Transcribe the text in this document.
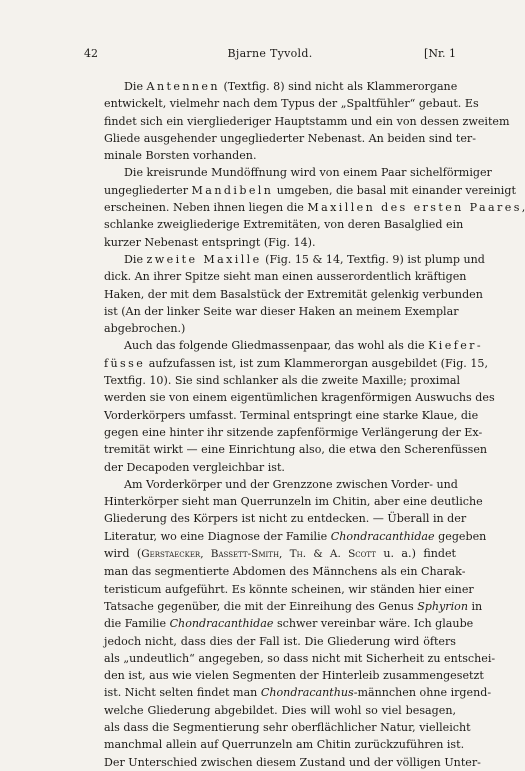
42	Bjarne Tyvold.	[Nr. 1
Die Antennen (Textfig. 8) sind nicht als Klammerorgane
entwickelt, vielmehr nach dem Typus der „Spaltfühler“ gebaut. Es
findet sich ein viergliederiger Hauptstamm und ein von dessen zweitem
Gliede ausgehender ungegliederter Nebenast. An beiden sind ter-
minale Borsten vorhanden.
Die kreisrunde Mundöffnung wird von einem Paar sichelförmiger
ungegliederter Mandibeln umgeben, die basal mit einander vereinigt
erscheinen. Neben ihnen liegen die Maxillen des ersten Paares,
schlanke zweigliederige Extremitäten, von deren Basalglied ein
kurzer Nebenast entspringt (Fig. 14).
Die zweite Maxille (Fig. 15 & 14, Textfig. 9) ist plump und
dick. An ihrer Spitze sieht man einen ausserordentlich kräftigen
Haken, der mit dem Basalstück der Extremität gelenkig verbunden
ist (An der linker Seite war dieser Haken an meinem Exemplar
abgebrochen.)
Auch das folgende Gliedmassenpaar, das wohl als die Kiefer-
füsse aufzufassen ist, ist zum Klammerorgan ausgebildet (Fig. 15,
Textfig. 10). Sie sind schlanker als die zweite Maxille; proximal
werden sie von einem eigentümlichen kragenförmigen Auswuchs des
Vorderkörpers umfasst. Terminal entspringt eine starke Klaue, die
gegen eine hinter ihr sitzende zapfenförmige Verlängerung der Ex-
tremität wirkt — eine Einrichtung also, die etwa den Scherenfüssen
der Decapoden vergleichbar ist.
Am Vorderkörper und der Grenzzone zwischen Vorder- und
Hinterkörper sieht man Querrunzeln im Chitin, aber eine deutliche
Gliederung des Körpers ist nicht zu entdecken. — Überall in der
Literatur, wo eine Diagnose der Familie Chondracanthidae gegeben
wird (Gerstaecker, Bassett-Smith, Th. & A. Scott u. a.) findet
man das segmentierte Abdomen des Männchens als ein Charak-
teristicum aufgeführt. Es könnte scheinen, wir ständen hier einer
Tatsache gegenüber, die mit der Einreihung des Genus Sphyrion in
die Familie Chondracanthidae schwer vereinbar wäre. Ich glaube
jedoch nicht, dass dies der Fall ist. Die Gliederung wird öfters
als „undeutlich“ angegeben, so dass nicht mit Sicherheit zu entschei-
den ist, aus wie vielen Segmenten der Hinterleib zusammengesetzt
ist. Nicht selten findet man Chondracanthus-männchen ohne irgend-
welche Gliederung abgebildet. Dies will wohl so viel besagen,
als dass die Segmentierung sehr oberflächlicher Natur, vielleicht
manchmal allein auf Querrunzeln am Chitin zurückzuführen ist.
Der Unterschied zwischen diesem Zustand und der völligen Unter-
